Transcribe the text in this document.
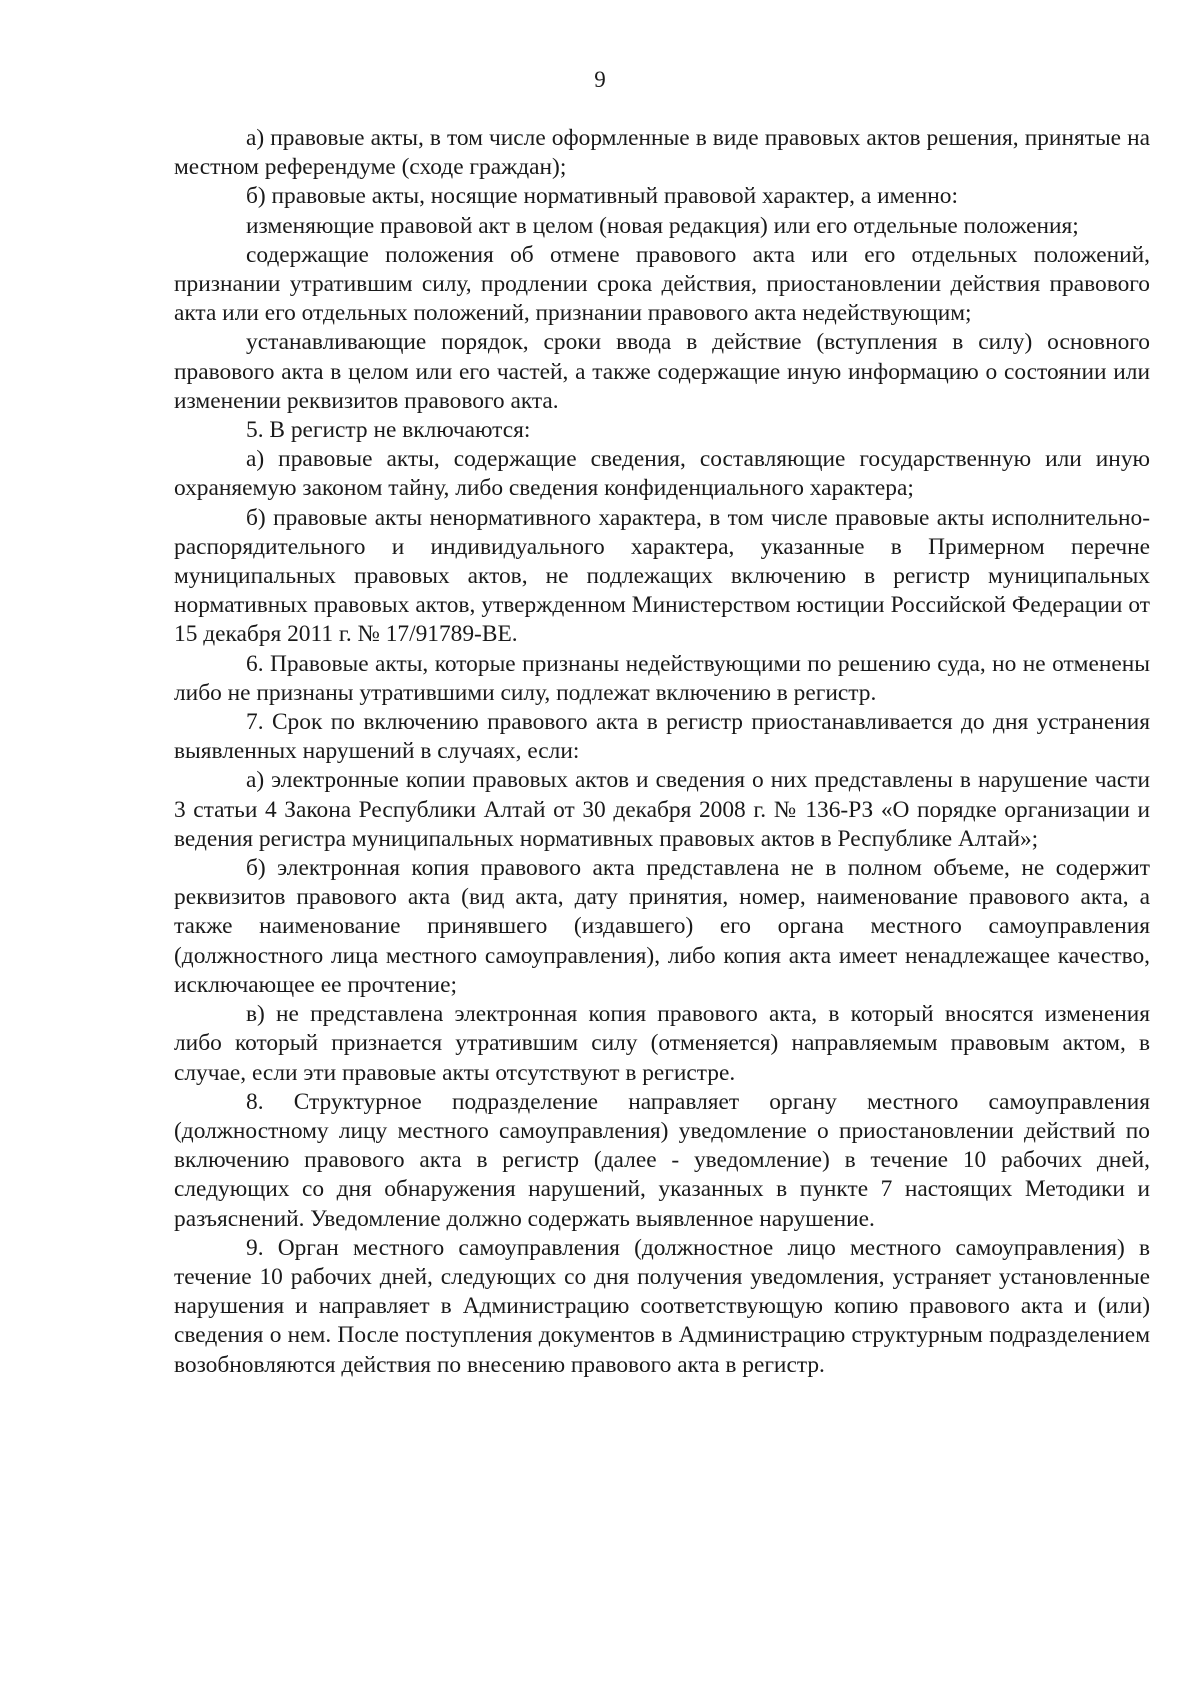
9

а) правовые акты, в том числе оформленные в виде правовых актов решения, принятые на местном референдуме (сходе граждан);

б) правовые акты, носящие нормативный правовой характер, а именно:

изменяющие правовой акт в целом (новая редакция) или его отдельные положения;

содержащие положения об отмене правового акта или его отдельных положений, признании утратившим силу, продлении срока действия, приостановлении действия правового акта или его отдельных положений, признании правового акта недействующим;

устанавливающие порядок, сроки ввода в действие (вступления в силу) основного правового акта в целом или его частей, а также содержащие иную информацию о состоянии или изменении реквизитов правового акта.

5. В регистр не включаются:

а) правовые акты, содержащие сведения, составляющие государственную или иную охраняемую законом тайну, либо сведения конфиденциального характера;

б) правовые акты ненормативного характера, в том числе правовые акты исполнительно-распорядительного и индивидуального характера, указанные в Примерном перечне муниципальных правовых актов, не подлежащих включению в регистр муниципальных нормативных правовых актов, утвержденном Министерством юстиции Российской Федерации от 15 декабря 2011 г. № 17/91789-ВЕ.

6. Правовые акты, которые признаны недействующими по решению суда, но не отменены либо не признаны утратившими силу, подлежат включению в регистр.

7. Срок по включению правового акта в регистр приостанавливается до дня устранения выявленных нарушений в случаях, если:

а) электронные копии правовых актов и сведения о них представлены в нарушение части 3 статьи 4 Закона Республики Алтай от 30 декабря 2008 г. № 136-РЗ «О порядке организации и ведения регистра муниципальных нормативных правовых актов в Республике Алтай»;

б) электронная копия правового акта представлена не в полном объеме, не содержит реквизитов правового акта (вид акта, дату принятия, номер, наименование правового акта, а также наименование принявшего (издавшего) его органа местного самоуправления (должностного лица местного самоуправления), либо копия акта имеет ненадлежащее качество, исключающее ее прочтение;

в) не представлена электронная копия правового акта, в который вносятся изменения либо который признается утратившим силу (отменяется) направляемым правовым актом, в случае, если эти правовые акты отсутствуют в регистре.

8. Структурное подразделение направляет органу местного самоуправления (должностному лицу местного самоуправления) уведомление о приостановлении действий по включению правового акта в регистр (далее - уведомление) в течение 10 рабочих дней, следующих со дня обнаружения нарушений, указанных в пункте 7 настоящих Методики и разъяснений. Уведомление должно содержать выявленное нарушение.

9. Орган местного самоуправления (должностное лицо местного самоуправления) в течение 10 рабочих дней, следующих со дня получения уведомления, устраняет установленные нарушения и направляет в Администрацию соответствующую копию правового акта и (или) сведения о нем. После поступления документов в Администрацию структурным подразделением возобновляются действия по внесению правового акта в регистр.
